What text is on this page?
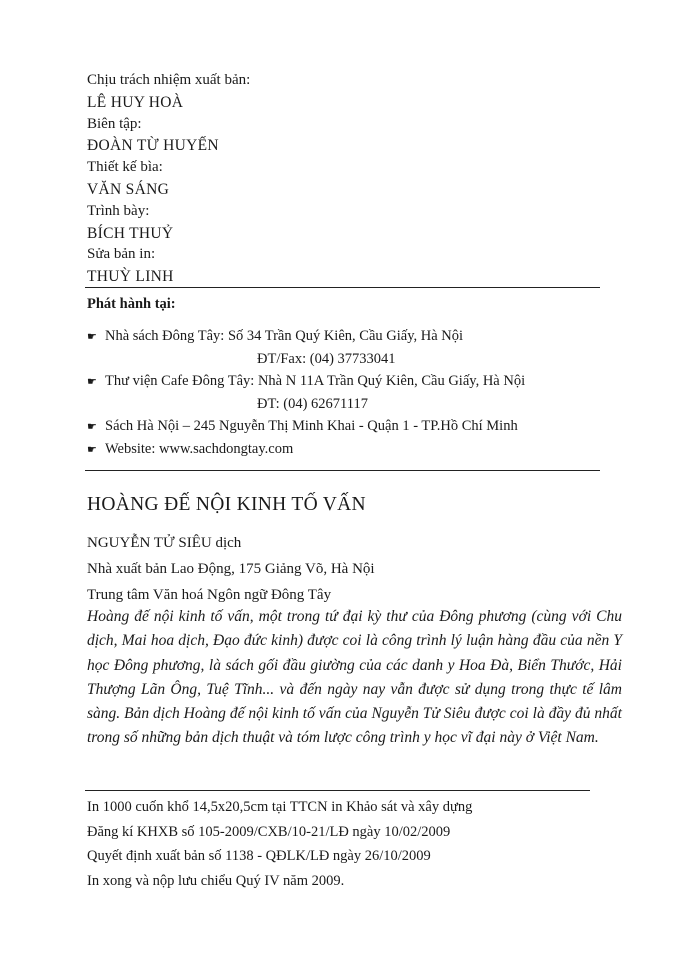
Chịu trách nhiệm xuất bản:
LÊ HUY HOÀ
Biên tập:
ĐOÀN TỪ HUYẾN
Thiết kế bìa:
VĂN SÁNG
Trình bày:
BÍCH THUỶ
Sửa bản in:
THUỲ LINH
Phát hành tại:
☛ Nhà sách Đông Tây: Số 34 Trần Quý Kiên, Cầu Giấy, Hà Nội
ĐT/Fax: (04) 37733041
☛ Thư viện Cafe Đông Tây: Nhà N 11A Trần Quý Kiên, Cầu Giấy, Hà Nội
ĐT: (04) 62671117
☛ Sách Hà Nội – 245 Nguyễn Thị Minh Khai - Quận 1 - TP.Hồ Chí Minh
☛ Website: www.sachdongtay.com
HOÀNG ĐẾ NỘI KINH TỐ VẤN
NGUYỄN TỬ SIÊU dịch
Nhà xuất bản Lao Động, 175 Giảng Võ, Hà Nội
Trung tâm Văn hoá Ngôn ngữ Đông Tây
Hoàng đế nội kinh tố vấn, một trong tứ đại kỳ thư của Đông phương (cùng với Chu dịch, Mai hoa dịch, Đạo đức kinh) được coi là công trình lý luận hàng đầu của nền Y học Đông phương, là sách gối đầu giường của các danh y Hoa Đà, Biển Thước, Hải Thượng Lãn Ông, Tuệ Tĩnh... và đến ngày nay vẫn được sử dụng trong thực tế lâm sàng. Bản dịch Hoàng đế nội kinh tố vấn của Nguyễn Tử Siêu được coi là đầy đủ nhất trong số những bản dịch thuật và tóm lược công trình y học vĩ đại này ở Việt Nam.
In 1000 cuốn khổ 14,5x20,5cm tại TTCN in Khảo sát và xây dựng
Đăng kí KHXB số 105-2009/CXB/10-21/LĐ ngày 10/02/2009
Quyết định xuất bản số 1138 - QĐLK/LĐ ngày 26/10/2009
In xong và nộp lưu chiểu Quý IV năm 2009.
